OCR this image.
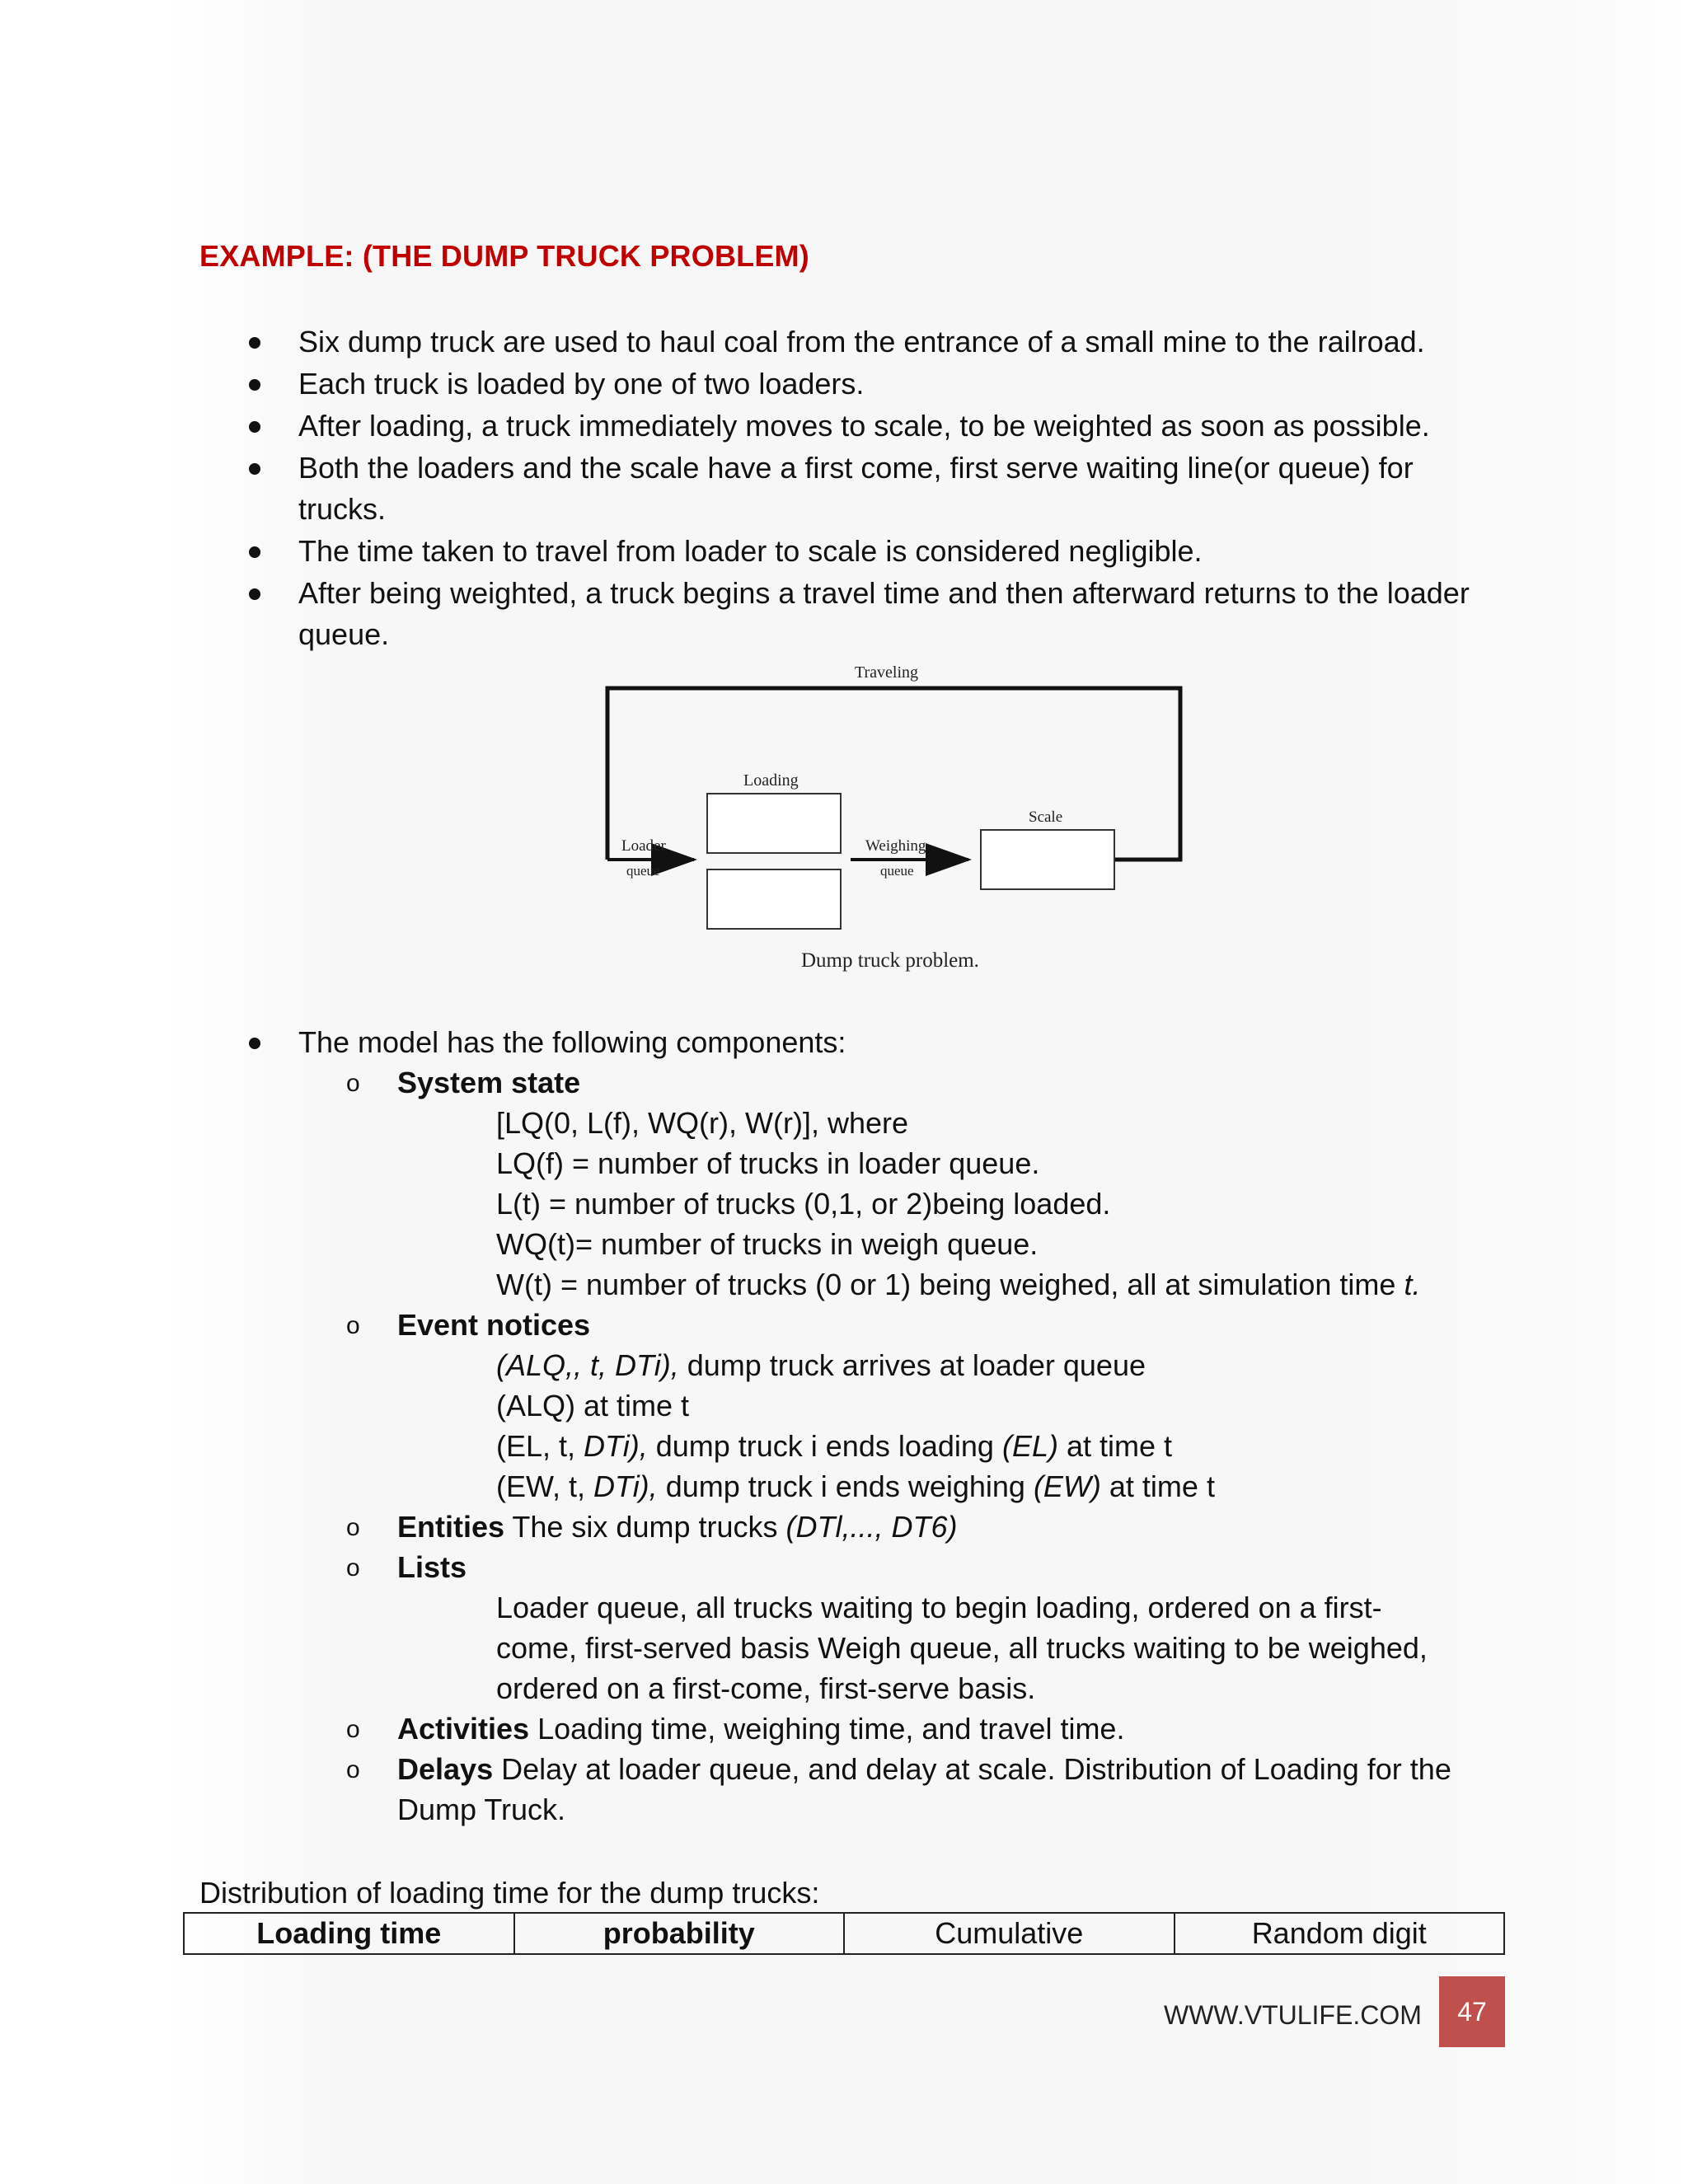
EXAMPLE: (THE DUMP TRUCK PROBLEM)

Six dump truck are used to haul coal from the entrance of a small mine to the railroad.

Each truck is loaded by one of two loaders.

After loading, a truck immediately moves to scale, to be weighted as soon as possible.

Both the loaders and the scale have a first come, first serve waiting line(or queue) for trucks.

The time taken to travel from loader to scale is considered negligible.

After being weighted, a truck begins a travel time and then afterward returns to the loader queue.

Traveling
Loader
queue
Loading
Weighing
queue
Scale
Dump truck problem.

The model has the following components:

o System state

[LQ(0, L(f), WQ(r), W(r)], where

LQ(f) = number of trucks in loader queue.

L(t) = number of trucks (0,1, or 2)being loaded.

WQ(t)= number of trucks in weigh queue.

W(t) = number of trucks (0 or 1) being weighed, all at simulation time t.

o Event notices

(ALQ,, t, DTi), dump truck arrives at loader queue

(ALQ) at time t

(EL, t, DTi), dump truck i ends loading (EL) at time t

(EW, t, DTi), dump truck i ends weighing (EW) at time t

o Entities The six dump trucks (DTl,..., DT6)

o Lists

Loader queue, all trucks waiting to begin loading, ordered on a first-

come, first-served basis Weigh queue, all trucks waiting to be weighed,

ordered on a first-come, first-serve basis.

o Activities Loading time, weighing time, and travel time.

o Delays Delay at loader queue, and delay at scale. Distribution of Loading for the

Dump Truck.

Distribution of loading time for the dump trucks:

Loading time	probability	Cumulative	Random digit
WWW.VTULIFE.COM	47
